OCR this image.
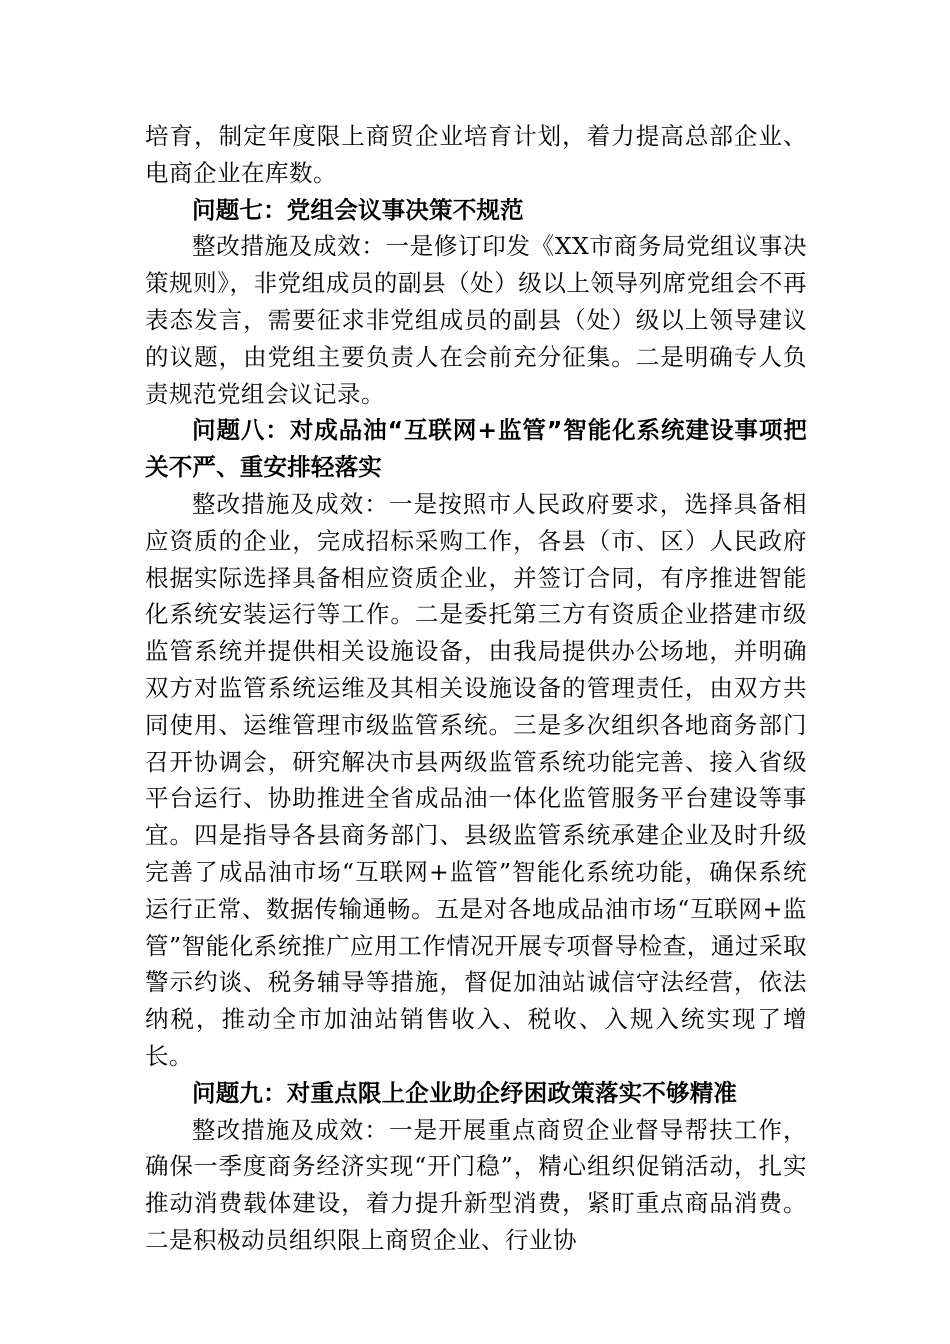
培育，制定年度限上商贸企业培育计划，着力提高总部企业、电商企业在库数。

问题七：党组会议事决策不规范

整改措施及成效：一是修订印发《XX市商务局党组议事决策规则》，非党组成员的副县（处）级以上领导列席党组会不再表态发言，需要征求非党组成员的副县（处）级以上领导建议的议题，由党组主要负责人在会前充分征集。二是明确专人负责规范党组会议记录。

问题八：对成品油“互联网+监管”智能化系统建设事项把关不严、重安排轻落实

整改措施及成效：一是按照市人民政府要求，选择具备相应资质的企业，完成招标采购工作，各县（市、区）人民政府根据实际选择具备相应资质企业，并签订合同，有序推进智能化系统安装运行等工作。二是委托第三方有资质企业搭建市级监管系统并提供相关设施设备，由我局提供办公场地，并明确双方对监管系统运维及其相关设施设备的管理责任，由双方共同使用、运维管理市级监管系统。三是多次组织各地商务部门召开协调会，研究解决市县两级监管系统功能完善、接入省级平台运行、协助推进全省成品油一体化监管服务平台建设等事宜。四是指导各县商务部门、县级监管系统承建企业及时升级完善了成品油市场“互联网+监管”智能化系统功能，确保系统运行正常、数据传输通畅。五是对各地成品油市场“互联网+监管”智能化系统推广应用工作情况开展专项督导检查，通过采取警示约谈、税务辅导等措施，督促加油站诚信守法经营，依法纳税，推动全市加油站销售收入、税收、入规入统实现了增长。

问题九：对重点限上企业助企纾困政策落实不够精准

整改措施及成效：一是开展重点商贸企业督导帮扶工作，确保一季度商务经济实现“开门稳”，精心组织促销活动，扎实推动消费载体建设，着力提升新型消费，紧盯重点商品消费。二是积极动员组织限上商贸企业、行业协
